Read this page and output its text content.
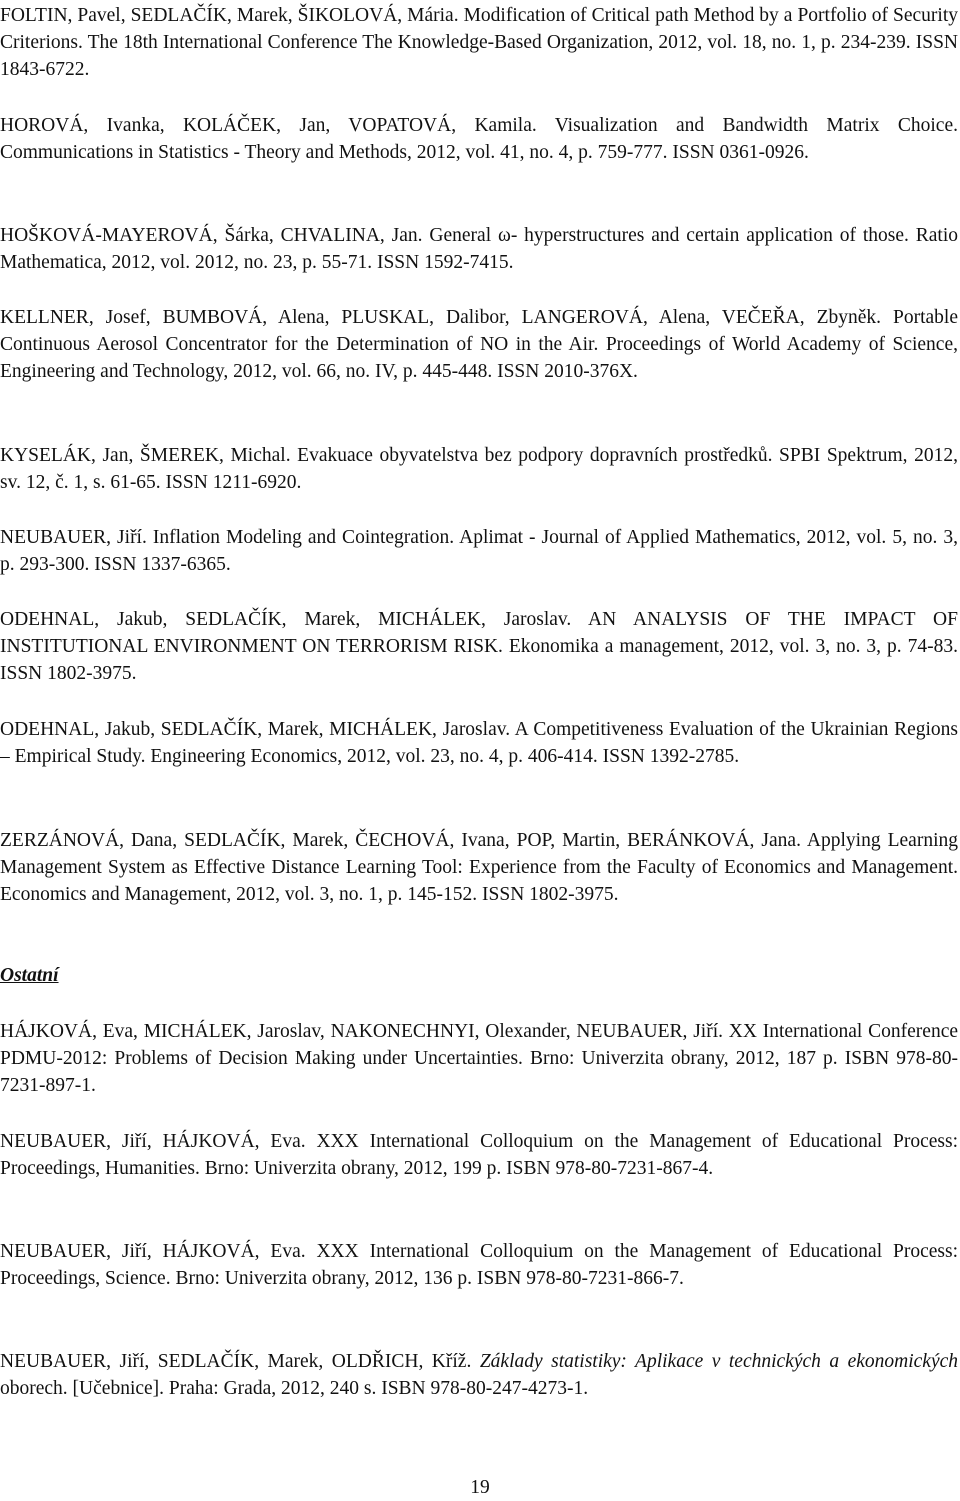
FOLTIN, Pavel, SEDLAČÍK, Marek, ŠIKOLOVÁ, Mária. Modification of Critical path Method by a Portfolio of Security Criterions. The 18th International Conference The Knowledge-Based Organization, 2012, vol. 18, no. 1, p. 234-239. ISSN 1843-6722.

HOROVÁ, Ivanka, KOLÁČEK, Jan, VOPATOVÁ, Kamila. Visualization and Bandwidth Matrix Choice. Communications in Statistics - Theory and Methods, 2012, vol. 41, no. 4, p. 759-777. ISSN 0361-0926.

HOŠKOVÁ-MAYEROVÁ, Šárka, CHVALINA, Jan. General ω- hyperstructures and certain application of those. Ratio Mathematica, 2012, vol. 2012, no. 23, p. 55-71. ISSN 1592-7415.

KELLNER, Josef, BUMBOVÁ, Alena, PLUSKAL, Dalibor, LANGEROVÁ, Alena, VEČEŘA, Zbyněk. Portable Continuous Aerosol Concentrator for the Determination of NO in the Air. Proceedings of World Academy of Science, Engineering and Technology, 2012, vol. 66, no. IV, p. 445-448. ISSN 2010-376X.

KYSELÁK, Jan, ŠMEREK, Michal. Evakuace obyvatelstva bez podpory dopravních prostředků. SPBI Spektrum, 2012, sv. 12, č. 1, s. 61-65. ISSN 1211-6920.

NEUBAUER, Jiří. Inflation Modeling and Cointegration. Aplimat - Journal of Applied Mathematics, 2012, vol. 5, no. 3, p. 293-300. ISSN 1337-6365.

ODEHNAL, Jakub, SEDLAČÍK, Marek, MICHÁLEK, Jaroslav. AN ANALYSIS OF THE IMPACT OF INSTITUTIONAL ENVIRONMENT ON TERRORISM RISK. Ekonomika a management, 2012, vol. 3, no. 3, p. 74-83. ISSN 1802-3975.

ODEHNAL, Jakub, SEDLAČÍK, Marek, MICHÁLEK, Jaroslav. A Competitiveness Evaluation of the Ukrainian Regions – Empirical Study. Engineering Economics, 2012, vol. 23, no. 4, p. 406-414. ISSN 1392-2785.

ZERZÁNOVÁ, Dana, SEDLAČÍK, Marek, ČECHOVÁ, Ivana, POP, Martin, BERÁNKOVÁ, Jana. Applying Learning Management System as Effective Distance Learning Tool: Experience from the Faculty of Economics and Management. Economics and Management, 2012, vol. 3, no. 1, p. 145-152. ISSN 1802-3975.

Ostatní

HÁJKOVÁ, Eva, MICHÁLEK, Jaroslav, NAKONECHNYI, Olexander, NEUBAUER, Jiří. XX International Conference PDMU-2012: Problems of Decision Making under Uncertainties. Brno: Univerzita obrany, 2012, 187 p. ISBN 978-80-7231-897-1.

NEUBAUER, Jiří, HÁJKOVÁ, Eva. XXX International Colloquium on the Management of Educational Process: Proceedings, Humanities. Brno: Univerzita obrany, 2012, 199 p. ISBN 978-80-7231-867-4.

NEUBAUER, Jiří, HÁJKOVÁ, Eva. XXX International Colloquium on the Management of Educational Process: Proceedings, Science. Brno: Univerzita obrany, 2012, 136 p. ISBN 978-80-7231-866-7.

NEUBAUER, Jiří, SEDLAČÍK, Marek, OLDŘICH, Kříž. Základy statistiky: Aplikace v technických a ekonomických oborech. [Učebnice]. Praha: Grada, 2012, 240 s. ISBN 978-80-247-4273-1.

19
